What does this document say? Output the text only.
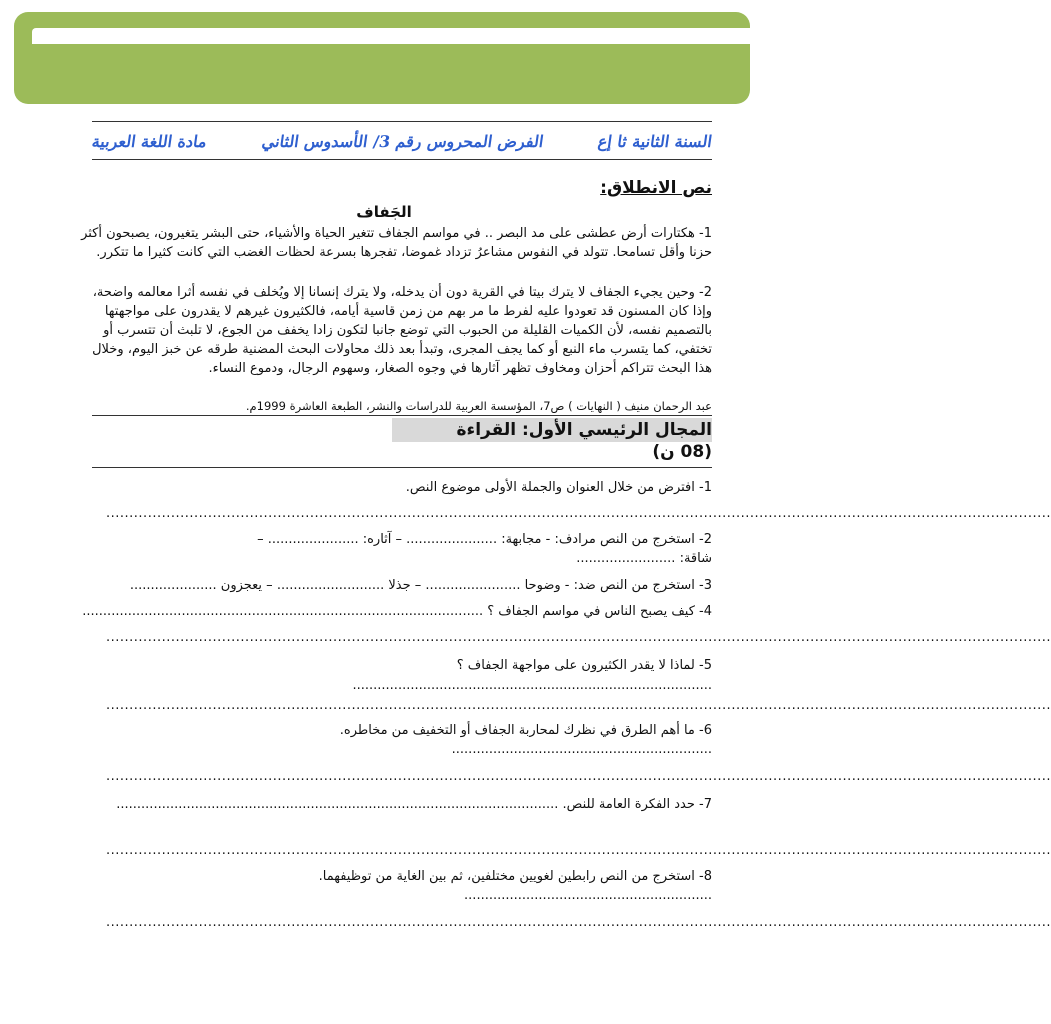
مادة اللغة العربية	الفرض المحروس رقم 3/ الأسدوس الثاني	السنة الثانية ثا إع
نص الانطلاق:
الجَفاف
1- هكتارات أرض عطشى على مد البصر .. في مواسم الجفاف تتغير الحياة والأشياء، حتى البشر يتغيرون، يصبحون أكثر حزنا وأقل تسامحا. تتولد في النفوس مشاعرُ تزداد غموضا، تفجرها بسرعة لحظات الغضب التي كانت كثيرا ما تتكرر.
2- وحين يجيء الجفاف لا يترك بيتا في القرية دون أن يدخله، ولا يترك إنسانا إلا ويُخلف في نفسه أثرا معالمه واضحة، وإذا كان المسنون قد تعودوا عليه لفرط ما مر بهم من زمن قاسية أيامه، فالكثيرون غيرهم لا يقدرون على مواجهتها بالتصميم نفسه، لأن الكميات القليلة من الحبوب التي توضع جانبا لتكون زادا يخفف من الجوع، لا تلبث أن تتسرب أو تختفي، كما يتسرب ماء النبع أو كما يجف المجرى، وتبدأ بعد ذلك محاولات البحث المضنية طرقه عن خبز اليوم، وخلال هذا البحث تتراكم أحزان ومخاوف تظهر آثارها في وجوه الصغار، وسهوم الرجال، ودموع النساء.
عبد الرحمان منيف ( النهايات ) ص7، المؤسسة العربية للدراسات والنشر، الطبعة العاشرة 1999م.
المجال الرئيسي الأول: القراءة
(08 ن)
1- افترض من خلال العنوان والجملة الأولى موضوع النص.
............................................................................................................................................................................................................
2- استخرج من النص مرادف: - مجابهة: ...................... – آثاره: ...................... –
شاقة: ........................
3- استخرج من النص ضد: - وضوحا ....................... – جذلا .......................... – يعجزون .....................
4- كيف يصبح الناس في مواسم الجفاف ؟ .................................................................................................
............................................................................................................................................................................................................
5- لماذا لا يقدر الكثيرون على مواجهة الجفاف ؟
.......................................................................................
............................................................................................................................................................................................................
6- ما أهم الطرق في نظرك لمحاربة الجفاف أو التخفيف من مخاطره. ...............................................................
............................................................................................................................................................................................................
7- حدد الفكرة العامة للنص. ...........................................................................................................
............................................................................................................................................................................................................
8- استخرج من النص رابطين لغويين مختلفين، ثم بين الغاية من توظيفهما. ............................................................
............................................................................................................................................................................................................
